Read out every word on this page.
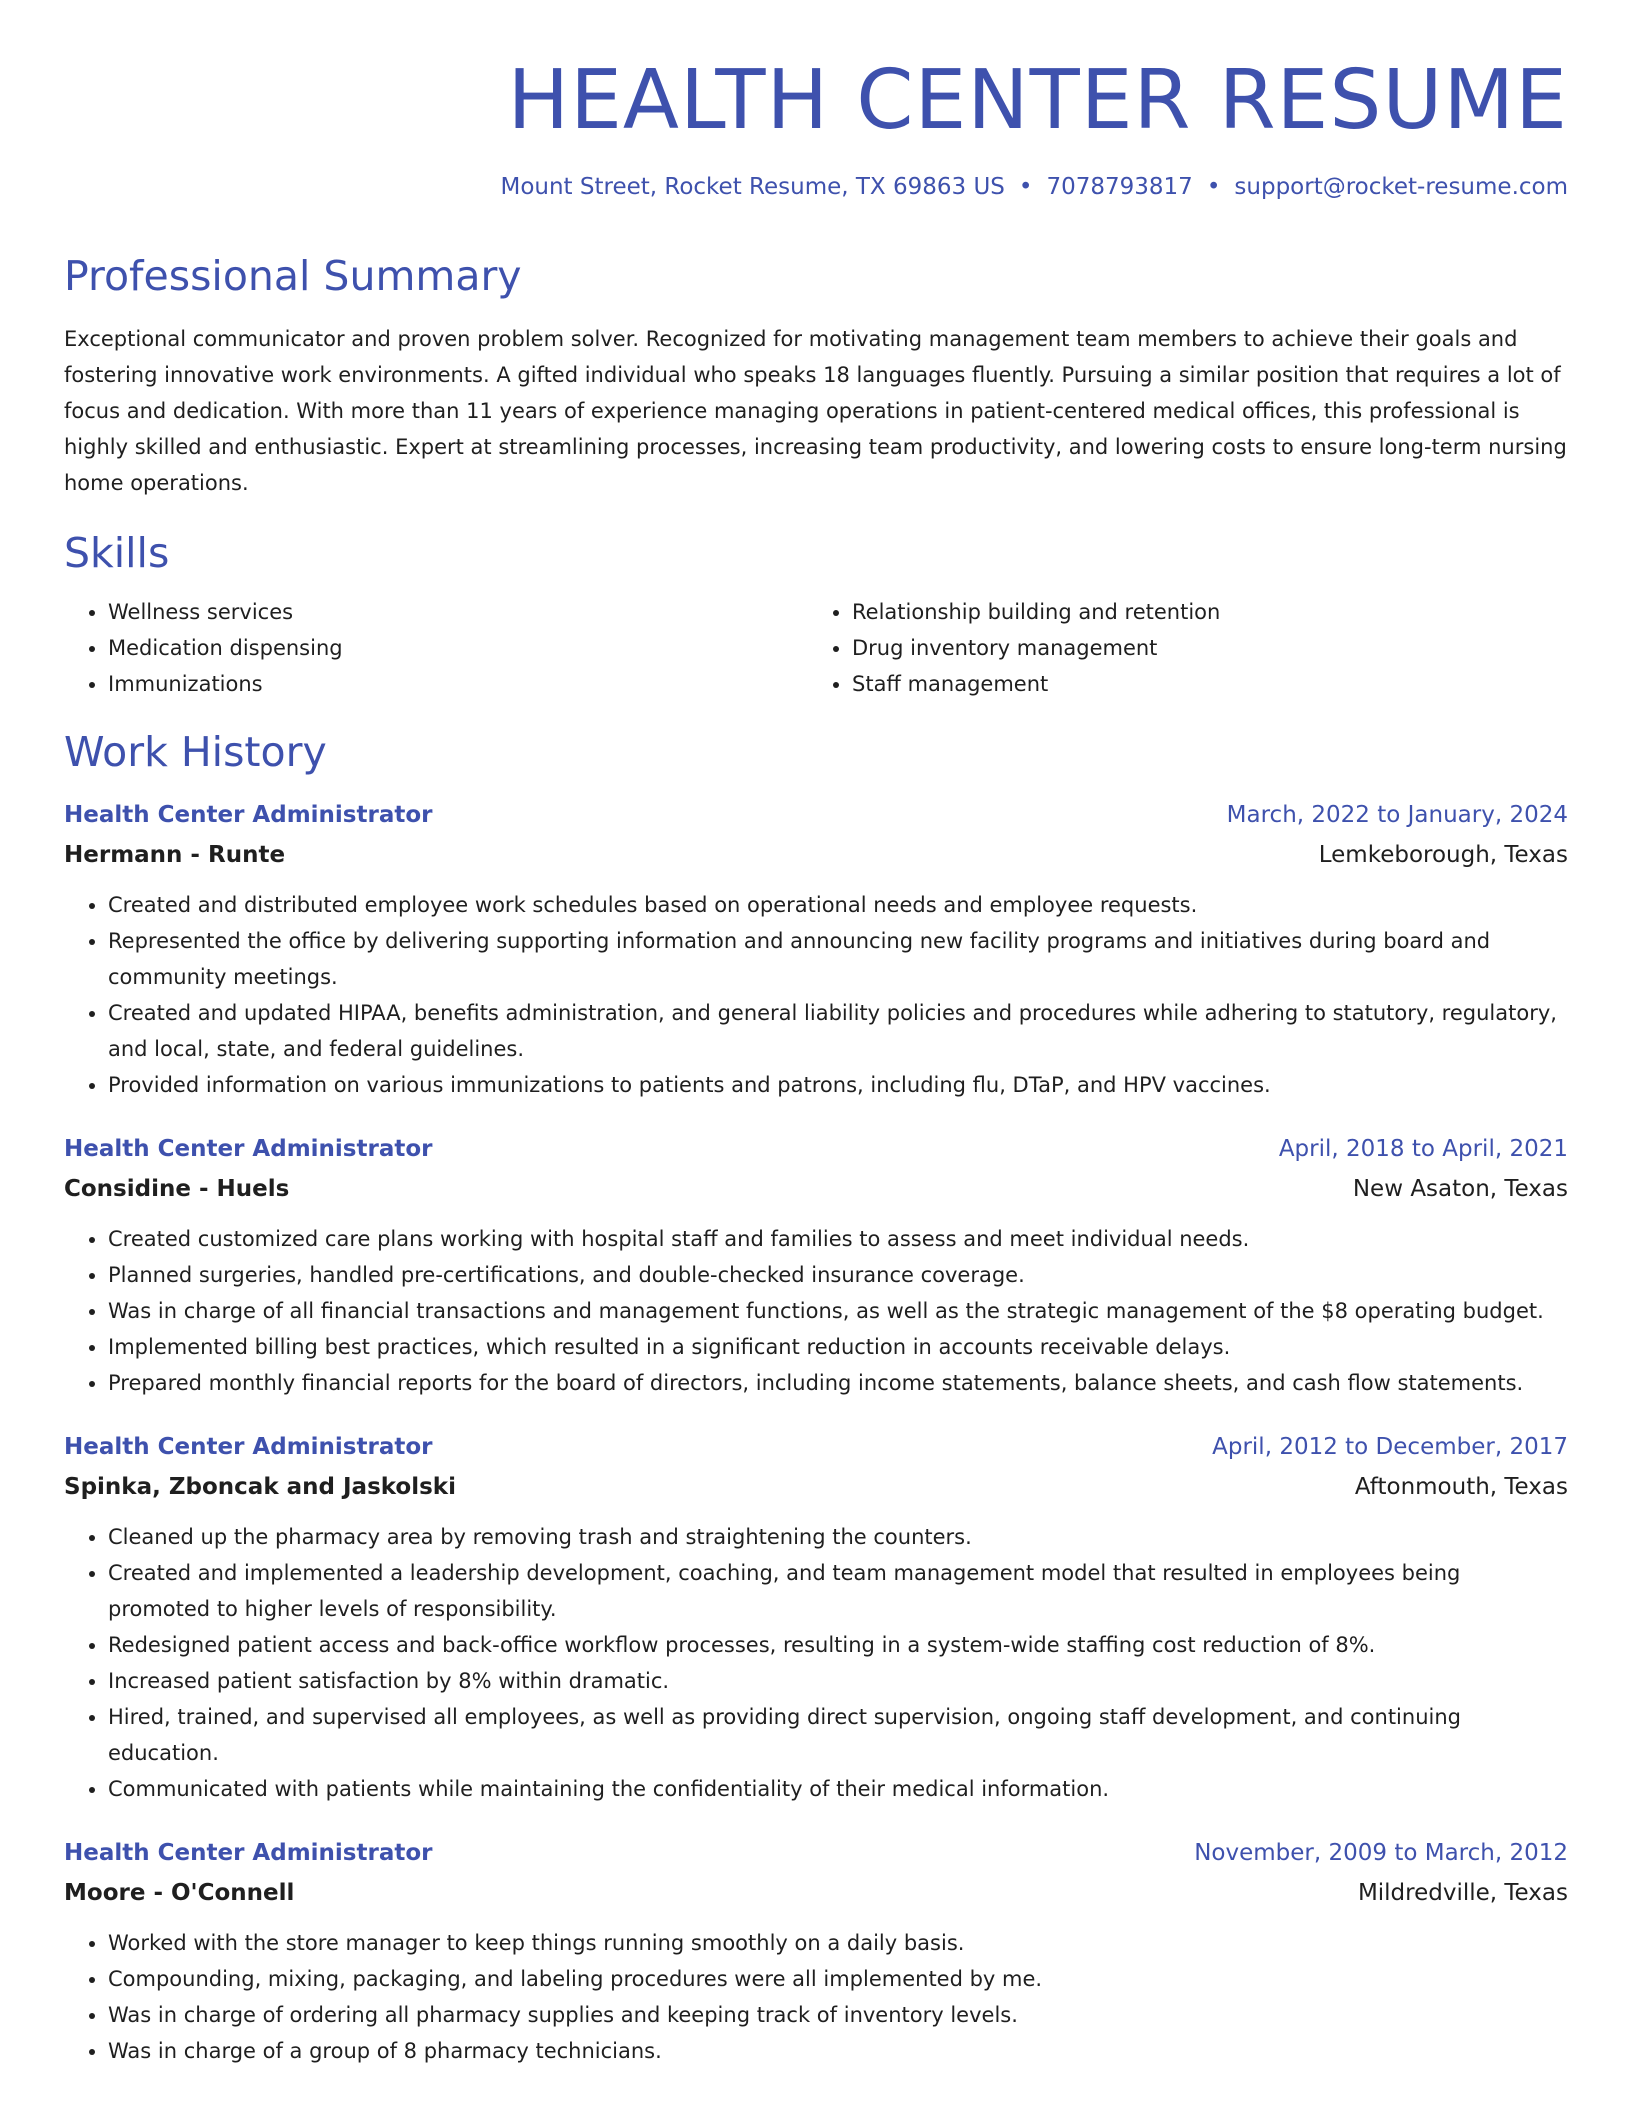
HEALTH CENTER RESUME
Mount Street, Rocket Resume, TX 69863 US • 7078793817 • support@rocket-resume.com
Professional Summary
Exceptional communicator and proven problem solver. Recognized for motivating management team members to achieve their goals and fostering innovative work environments. A gifted individual who speaks 18 languages fluently. Pursuing a similar position that requires a lot of focus and dedication. With more than 11 years of experience managing operations in patient-centered medical offices, this professional is highly skilled and enthusiastic. Expert at streamlining processes, increasing team productivity, and lowering costs to ensure long-term nursing home operations.
Skills
• Wellness services
• Medication dispensing
• Immunizations
• Relationship building and retention
• Drug inventory management
• Staff management
Work History
Health Center Administrator	March, 2022 to January, 2024
Hermann - Runte	Lemkeborough, Texas
• Created and distributed employee work schedules based on operational needs and employee requests.
• Represented the office by delivering supporting information and announcing new facility programs and initiatives during board and community meetings.
• Created and updated HIPAA, benefits administration, and general liability policies and procedures while adhering to statutory, regulatory, and local, state, and federal guidelines.
• Provided information on various immunizations to patients and patrons, including flu, DTaP, and HPV vaccines.
Health Center Administrator	April, 2018 to April, 2021
Considine - Huels	New Asaton, Texas
• Created customized care plans working with hospital staff and families to assess and meet individual needs.
• Planned surgeries, handled pre-certifications, and double-checked insurance coverage.
• Was in charge of all financial transactions and management functions, as well as the strategic management of the $8 operating budget.
• Implemented billing best practices, which resulted in a significant reduction in accounts receivable delays.
• Prepared monthly financial reports for the board of directors, including income statements, balance sheets, and cash flow statements.
Health Center Administrator	April, 2012 to December, 2017
Spinka, Zboncak and Jaskolski	Aftonmouth, Texas
• Cleaned up the pharmacy area by removing trash and straightening the counters.
• Created and implemented a leadership development, coaching, and team management model that resulted in employees being promoted to higher levels of responsibility.
• Redesigned patient access and back-office workflow processes, resulting in a system-wide staffing cost reduction of 8%.
• Increased patient satisfaction by 8% within dramatic.
• Hired, trained, and supervised all employees, as well as providing direct supervision, ongoing staff development, and continuing education.
• Communicated with patients while maintaining the confidentiality of their medical information.
Health Center Administrator	November, 2009 to March, 2012
Moore - O'Connell	Mildredville, Texas
• Worked with the store manager to keep things running smoothly on a daily basis.
• Compounding, mixing, packaging, and labeling procedures were all implemented by me.
• Was in charge of ordering all pharmacy supplies and keeping track of inventory levels.
• Was in charge of a group of 8 pharmacy technicians.
